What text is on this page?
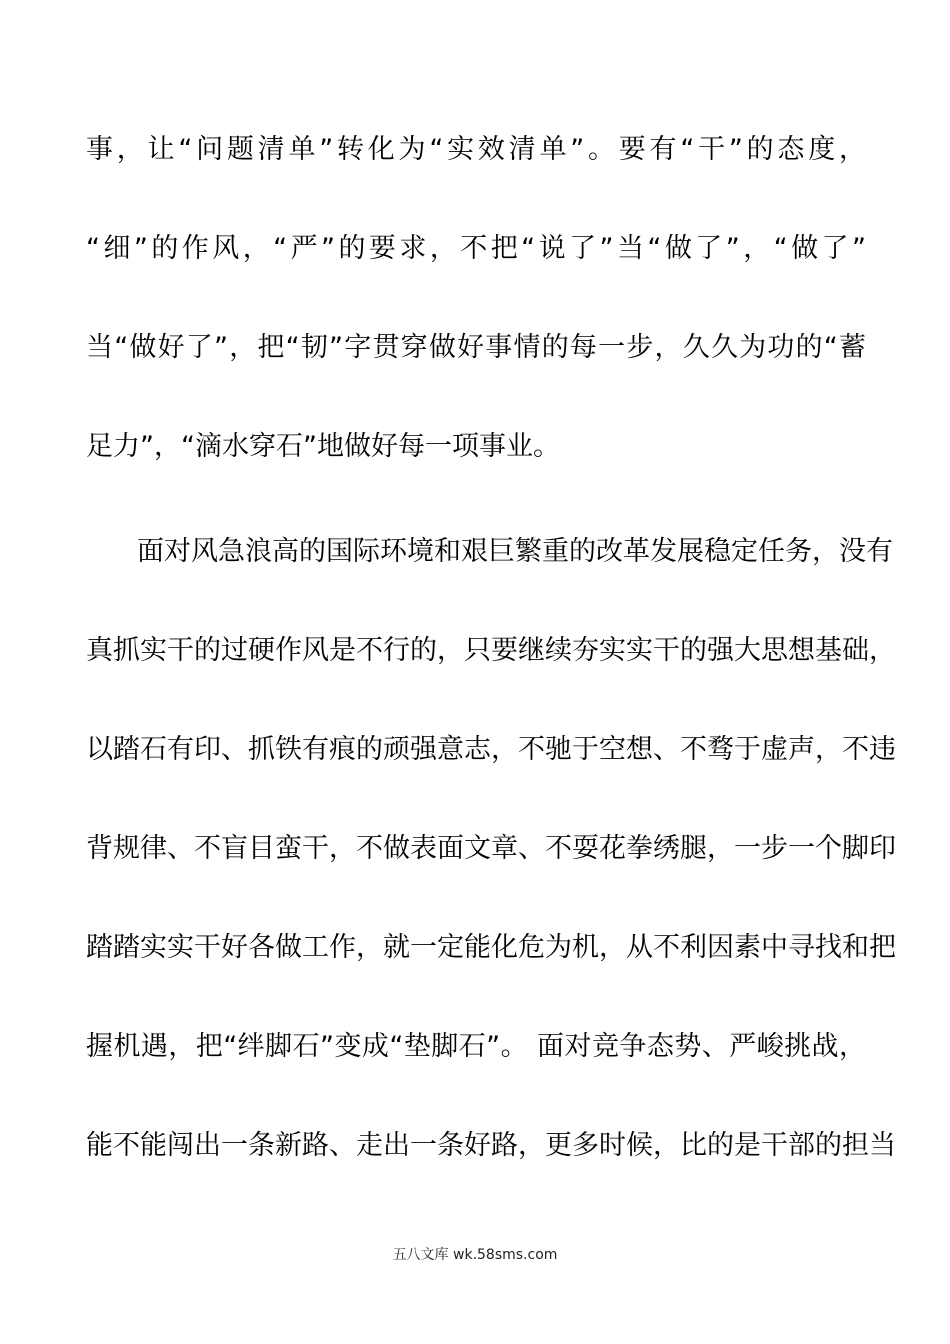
事，让“问题清单”转化为“实效清单”。要有“干”的态度，
“细”的作风，“严”的要求，不把“说了”当“做了”，“做了”
当“做好了”，把“韧”字贯穿做好事情的每一步，久久为功的“蓄
足力”，“滴水穿石”地做好每一项事业。
面对风急浪高的国际环境和艰巨繁重的改革发展稳定任务，没有
真抓实干的过硬作风是不行的，只要继续夯实实干的强大思想基础，
以踏石有印、抓铁有痕的顽强意志，不驰于空想、不骛于虚声，不违
背规律、不盲目蛮干，不做表面文章、不耍花拳绣腿，一步一个脚印
踏踏实实干好各做工作，就一定能化危为机，从不利因素中寻找和把
握机遇，把“绊脚石”变成“垫脚石”。 面对竞争态势、严峻挑战，
能不能闯出一条新路、走出一条好路，更多时候，比的是干部的担当
五八文库 wk.58sms.com
